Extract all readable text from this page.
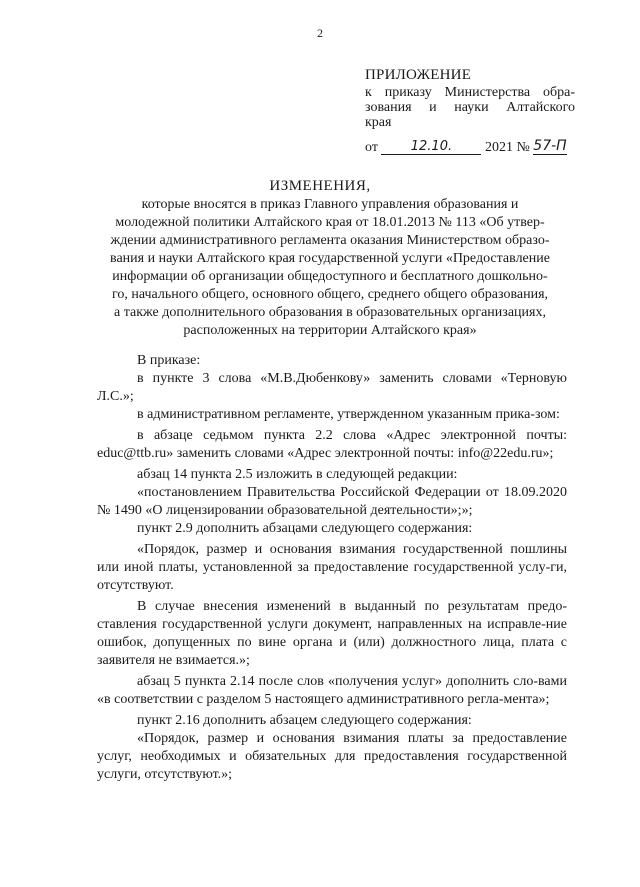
2
ПРИЛОЖЕНИЕ
к приказу Министерства обра-
зования и науки Алтайского
края
от	12.10. 2021 № 57-П
ИЗМЕНЕНИЯ,
которые вносятся в приказ Главного управления образования и
молодежной политики Алтайского края от 18.01.2013 № 113 «Об утвер-
ждении административного регламента оказания Министерством образо-
вания и науки Алтайского края государственной услуги «Предоставление
информации об организации общедоступного и бесплатного дошкольно-
го, начального общего, основного общего, среднего общего образования,
а также дополнительного образования в образовательных организациях,
расположенных на территории Алтайского края»

В приказе:

в пункте 3 слова «М.В.Дюбенкову» заменить словами «Терновую Л.С.»;

в административном регламенте, утвержденном указанным прика-зом:

в абзаце седьмом пункта 2.2 слова «Адрес электронной почты: educ@ttb.ru» заменить словами «Адрес электронной почты: info@22edu.ru»;

абзац 14 пункта 2.5 изложить в следующей редакции:

«постановлением Правительства Российской Федерации от 18.09.2020 № 1490 «О лицензировании образовательной деятельности»;»;

пункт 2.9 дополнить абзацами следующего содержания:

«Порядок, размер и основания взимания государственной пошлины или иной платы, установленной за предоставление государственной услу-ги, отсутствуют.

В случае внесения изменений в выданный по результатам предо-ставления государственной услуги документ, направленных на исправле-ние ошибок, допущенных по вине органа и (или) должностного лица, плата с заявителя не взимается.»;

абзац 5 пункта 2.14 после слов «получения услуг» дополнить сло-вами «в соответствии с разделом 5 настоящего административного регла-мента»;

пункт 2.16 дополнить абзацем следующего содержания:

«Порядок, размер и основания взимания платы за предоставление услуг, необходимых и обязательных для предоставления государственной услуги, отсутствуют.»;
